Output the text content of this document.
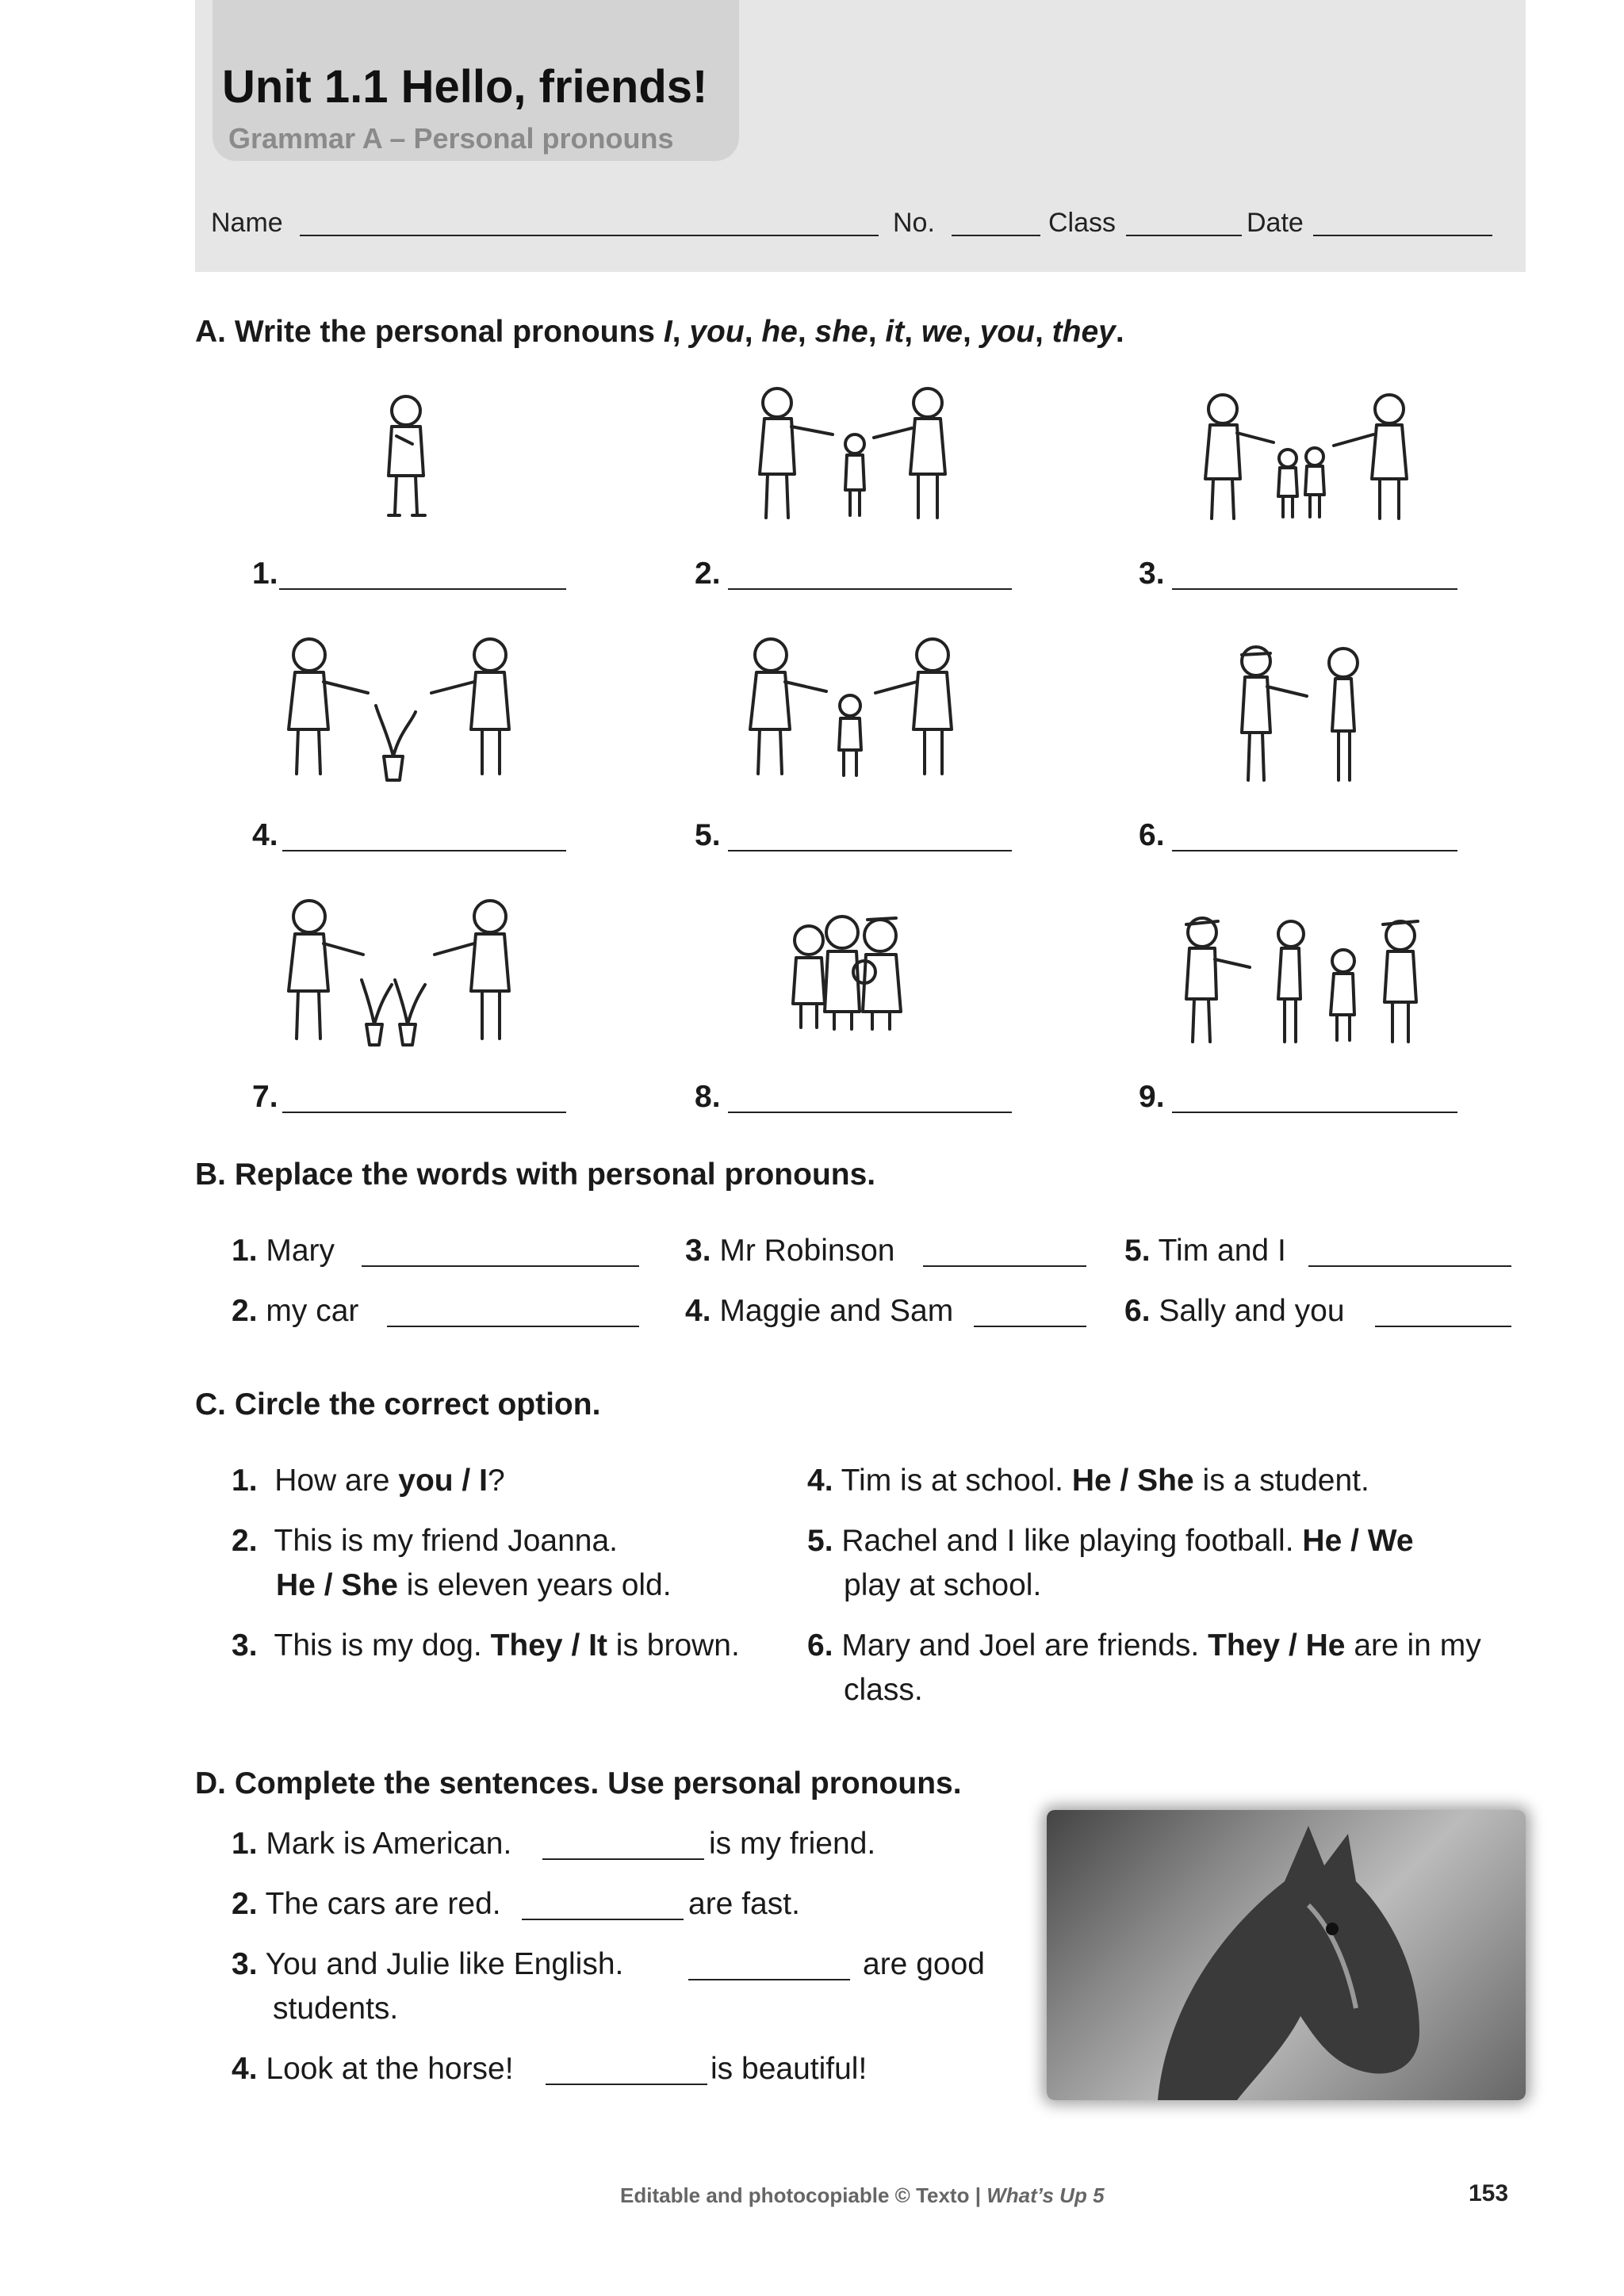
Unit 1.1 Hello, friends!
Grammar A – Personal pronouns
Name	No.	Class	Date
A. Write the personal pronouns I, you, he, she, it, we, you, they.
1.	2.	3.
4.	5.	6.
7.	8.	9.
B. Replace the words with personal pronouns.
1. Mary
2. my car
3. Mr Robinson
4. Maggie and Sam
5. Tim and I
6. Sally and you
C. Circle the correct option.
1. How are you / I?
2. This is my friend Joanna.
He / She is eleven years old.
3. This is my dog. They / It is brown.
4. Tim is at school. He / She is a student.
5. Rachel and I like playing football. He / We
play at school.
6. Mary and Joel are friends. They / He are in my
class.
D. Complete the sentences. Use personal pronouns.
1. Mark is American.	is my friend.
2. The cars are red.	are fast.
3. You and Julie like English.	are good
students.
4. Look at the horse!	is beautiful!
Editable and photocopiable © Texto | What’s Up 5	153
